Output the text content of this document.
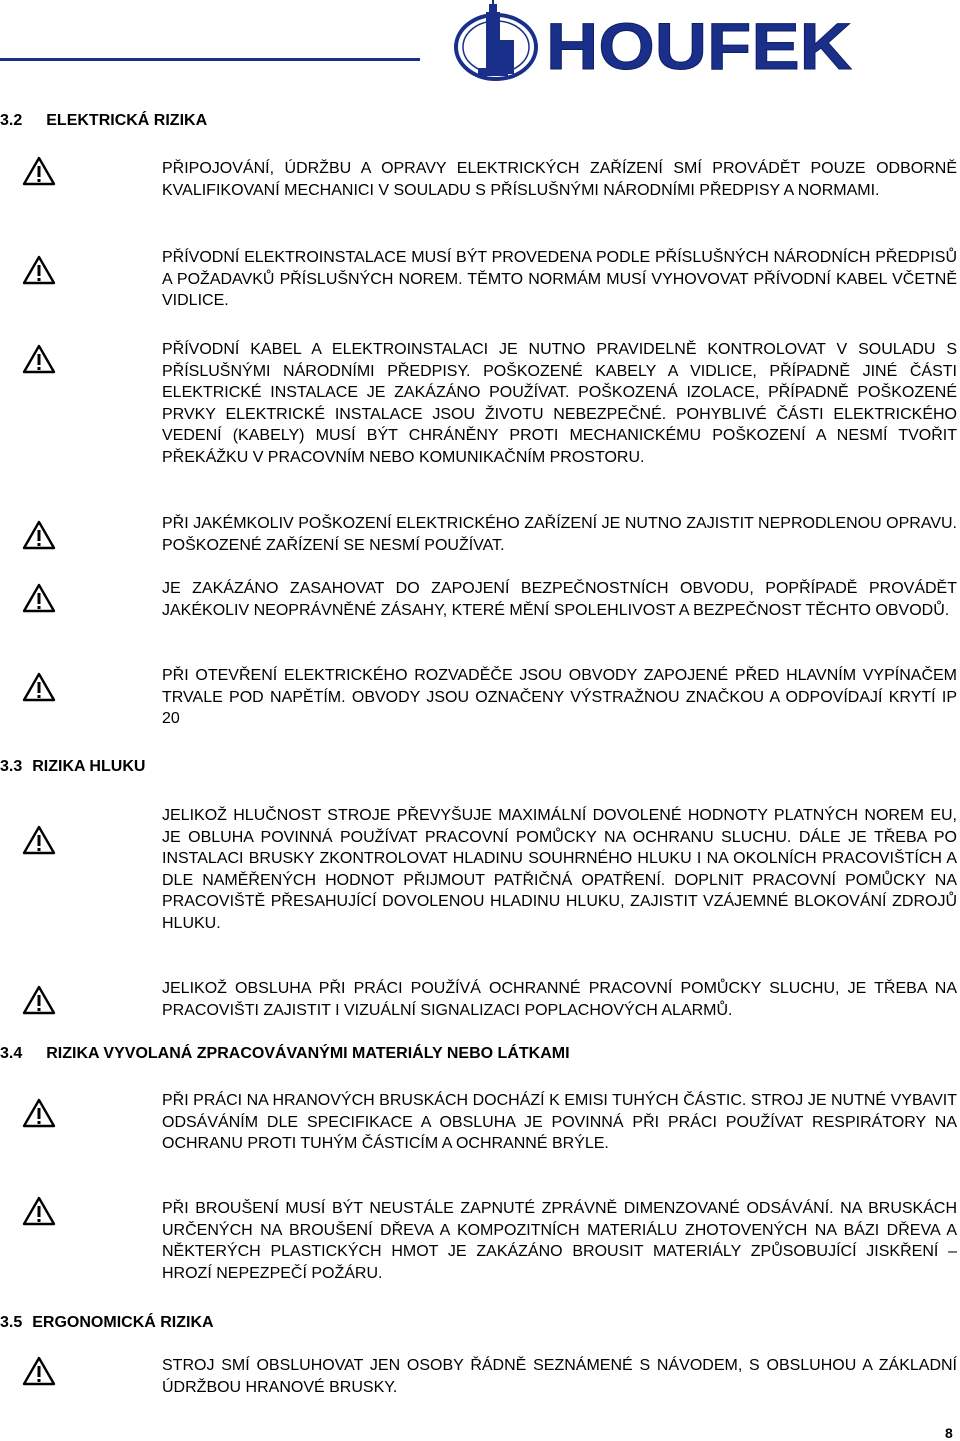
HOUFEK
3.2 ELEKTRICKÁ RIZIKA

PŘIPOJOVÁNÍ, ÚDRŽBU A OPRAVY ELEKTRICKÝCH ZAŘÍZENÍ SMÍ PROVÁDĚT POUZE ODBORNĚ KVALIFIKOVANÍ MECHANICI V SOULADU S PŘÍSLUŠNÝMI NÁRODNÍMI PŘEDPISY A NORMAMI.

PŘÍVODNÍ ELEKTROINSTALACE MUSÍ BÝT PROVEDENA PODLE PŘÍSLUŠNÝCH NÁRODNÍCH PŘEDPISŮ A POŽADAVKŮ PŘÍSLUŠNÝCH NOREM. TĚMTO NORMÁM MUSÍ VYHOVOVAT PŘÍVODNÍ KABEL VČETNĚ VIDLICE.

PŘÍVODNÍ KABEL A ELEKTROINSTALACI JE NUTNO PRAVIDELNĚ KONTROLOVAT V SOULADU S PŘÍSLUŠNÝMI NÁRODNÍMI PŘEDPISY. POŠKOZENÉ KABELY A VIDLICE, PŘÍPADNĚ JINÉ ČÁSTI ELEKTRICKÉ INSTALACE JE ZAKÁZÁNO POUŽÍVAT. POŠKOZENÁ IZOLACE, PŘÍPADNĚ POŠKOZENÉ PRVKY ELEKTRICKÉ INSTALACE JSOU ŽIVOTU NEBEZPEČNÉ. POHYBLIVÉ ČÁSTI ELEKTRICKÉHO VEDENÍ (KABELY) MUSÍ BÝT CHRÁNĚNY PROTI MECHANICKÉMU POŠKOZENÍ A NESMÍ TVOŘIT PŘEKÁŽKU V PRACOVNÍM NEBO KOMUNIKAČNÍM PROSTORU.

PŘI JAKÉMKOLIV POŠKOZENÍ ELEKTRICKÉHO ZAŘÍZENÍ JE NUTNO ZAJISTIT NEPRODLENOU OPRAVU. POŠKOZENÉ ZAŘÍZENÍ SE NESMÍ POUŽÍVAT.

JE ZAKÁZÁNO ZASAHOVAT DO ZAPOJENÍ BEZPEČNOSTNÍCH OBVODU, POPŘÍPADĚ PROVÁDĚT JAKÉKOLIV NEOPRÁVNĚNÉ ZÁSAHY, KTERÉ MĚNÍ SPOLEHLIVOST A BEZPEČNOST TĚCHTO OBVODŮ.

PŘI OTEVŘENÍ ELEKTRICKÉHO ROZVADĚČE JSOU OBVODY ZAPOJENÉ PŘED HLAVNÍM VYPÍNAČEM TRVALE POD NAPĚTÍM. OBVODY JSOU OZNAČENY VÝSTRAŽNOU ZNAČKOU A ODPOVÍDAJÍ KRYTÍ IP 20

3.3 RIZIKA HLUKU

JELIKOŽ HLUČNOST STROJE PŘEVYŠUJE MAXIMÁLNÍ DOVOLENÉ HODNOTY PLATNÝCH NOREM EU, JE OBLUHA POVINNÁ POUŽÍVAT PRACOVNÍ POMŮCKY NA OCHRANU SLUCHU. DÁLE JE TŘEBA PO INSTALACI BRUSKY ZKONTROLOVAT HLADINU SOUHRNÉHO HLUKU I NA OKOLNÍCH PRACOVIŠTÍCH A DLE NAMĚŘENÝCH HODNOT PŘIJMOUT PATŘIČNÁ OPATŘENÍ. DOPLNIT PRACOVNÍ POMŮCKY NA PRACOVIŠTĚ PŘESAHUJÍCÍ DOVOLENOU HLADINU HLUKU, ZAJISTIT VZÁJEMNÉ BLOKOVÁNÍ ZDROJŮ HLUKU.

JELIKOŽ OBSLUHA PŘI PRÁCI POUŽÍVÁ OCHRANNÉ PRACOVNÍ POMŮCKY SLUCHU, JE TŘEBA NA PRACOVIŠTI ZAJISTIT I VIZUÁLNÍ SIGNALIZACI POPLACHOVÝCH ALARMŮ.

3.4 RIZIKA VYVOLANÁ ZPRACOVÁVANÝMI MATERIÁLY NEBO LÁTKAMI

PŘI PRÁCI NA HRANOVÝCH BRUSKÁCH DOCHÁZÍ K EMISI TUHÝCH ČÁSTIC. STROJ JE NUTNÉ VYBAVIT ODSÁVÁNÍM DLE SPECIFIKACE A OBSLUHA JE POVINNÁ PŘI PRÁCI POUŽÍVAT RESPIRÁTORY NA OCHRANU PROTI TUHÝM ČÁSTICÍM A OCHRANNÉ BRÝLE.

PŘI BROUŠENÍ MUSÍ BÝT NEUSTÁLE ZAPNUTÉ ZPRÁVNĚ DIMENZOVANÉ ODSÁVÁNÍ. NA BRUSKÁCH URČENÝCH NA BROUŠENÍ DŘEVA A KOMPOZITNÍCH MATERIÁLU ZHOTOVENÝCH NA BÁZI DŘEVA A NĚKTERÝCH PLASTICKÝCH HMOT JE ZAKÁZÁNO BROUSIT MATERIÁLY ZPŮSOBUJÍCÍ JISKŘENÍ – HROZÍ NEPEZPEČÍ POŽÁRU.

3.5 ERGONOMICKÁ RIZIKA

STROJ SMÍ OBSLUHOVAT JEN OSOBY ŘÁDNĚ SEZNÁMENÉ S NÁVODEM, S OBSLUHOU A ZÁKLADNÍ ÚDRŽBOU HRANOVÉ BRUSKY.

8
